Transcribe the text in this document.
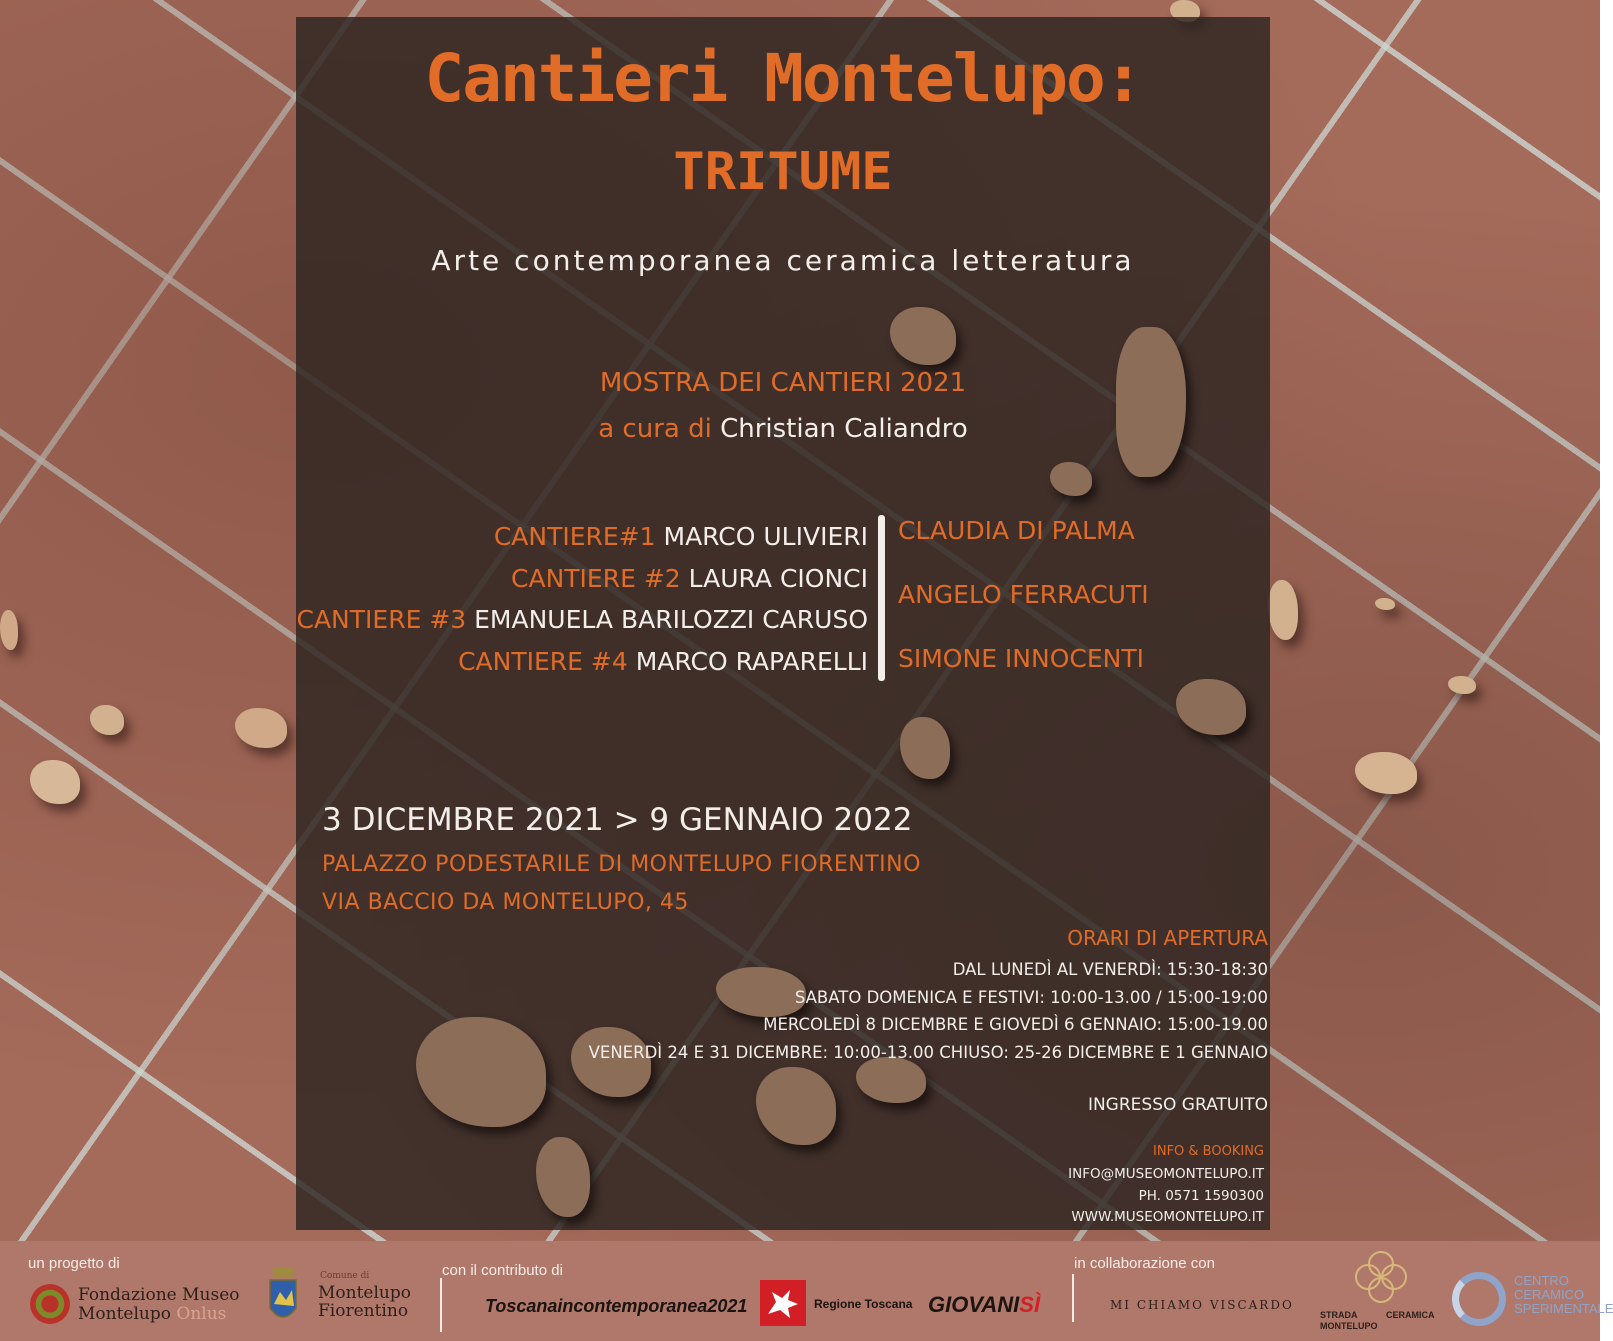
Cantieri Montelupo:
TRITUME
Arte contemporanea ceramica letteratura
MOSTRA DEI CANTIERI 2021
a cura di Christian Caliandro
CANTIERE#1 MARCO ULIVIERI
CANTIERE #2 LAURA CIONCI
CANTIERE #3 EMANUELA BARILOZZI CARUSO
CANTIERE #4 MARCO RAPARELLI
CLAUDIA DI PALMA
ANGELO FERRACUTI
SIMONE INNOCENTI
3 DICEMBRE 2021 > 9 GENNAIO 2022
PALAZZO PODESTARILE DI MONTELUPO FIORENTINO
VIA BACCIO DA MONTELUPO, 45
ORARI DI APERTURA
DAL LUNEDÌ AL VENERDÌ: 15:30-18:30
SABATO DOMENICA E FESTIVI: 10:00-13.00 / 15:00-19:00
MERCOLEDÌ 8 DICEMBRE E GIOVEDÌ 6 GENNAIO: 15:00-19.00
VENERDÌ 24 E 31 DICEMBRE: 10:00-13.00 CHIUSO: 25-26 DICEMBRE E 1 GENNAIO
INGRESSO GRATUITO
INFO & BOOKING
INFO@MUSEOMONTELUPO.IT
PH. 0571 1590300
WWW.MUSEOMONTELUPO.IT
un progetto di	con il contributo di	in collaborazione con
Fondazione Museo
Montelupo Onlus
Comune di
Montelupo
Fiorentino	Toscanaincontemporanea2021	Regione Toscana GIOVANISÌ	MI CHIAMO VISCARDO
STRADA
MONTELUPO
CERAMICA
CENTRO
CERAMICO
SPERIMENTALE
